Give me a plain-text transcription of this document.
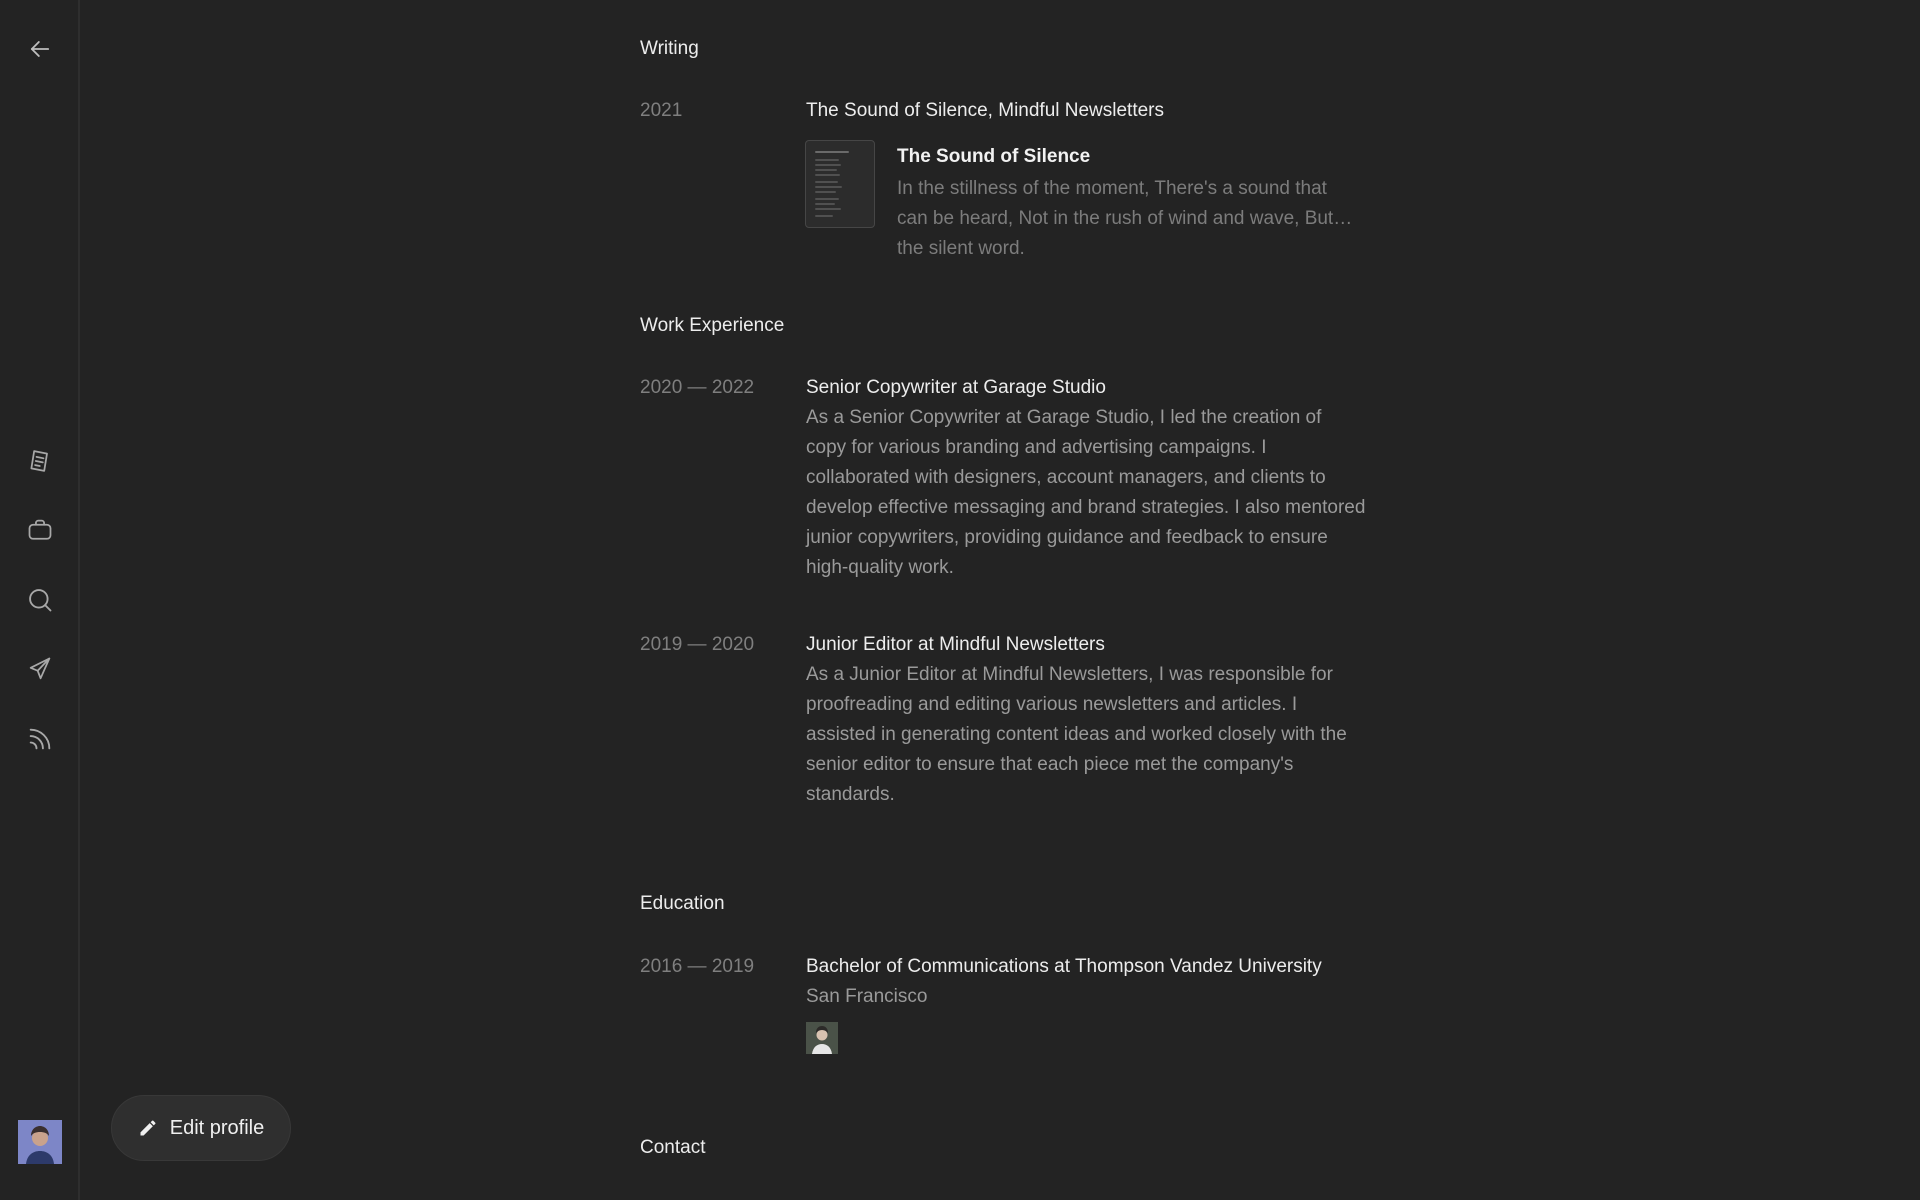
Edit profile
Writing
2021	The Sound of Silence, Mindful Newsletters
The Sound of Silence
In the stillness of the moment, There's a sound that can be heard, Not in the rush of wind and wave, But in the silent word.
Work Experience
2020 — 2022	Senior Copywriter at Garage Studio
As a Senior Copywriter at Garage Studio, I led the creation of copy for various branding and advertising campaigns. I collaborated with designers, account managers, and clients to develop effective messaging and brand strategies. I also mentored junior copywriters, providing guidance and feedback to ensure high-quality work.
2019 — 2020	Junior Editor at Mindful Newsletters
As a Junior Editor at Mindful Newsletters, I was responsible for proofreading and editing various newsletters and articles. I assisted in generating content ideas and worked closely with the senior editor to ensure that each piece met the company's standards.
Education
2016 — 2019	Bachelor of Communications at Thompson Vandez University
San Francisco
Contact
